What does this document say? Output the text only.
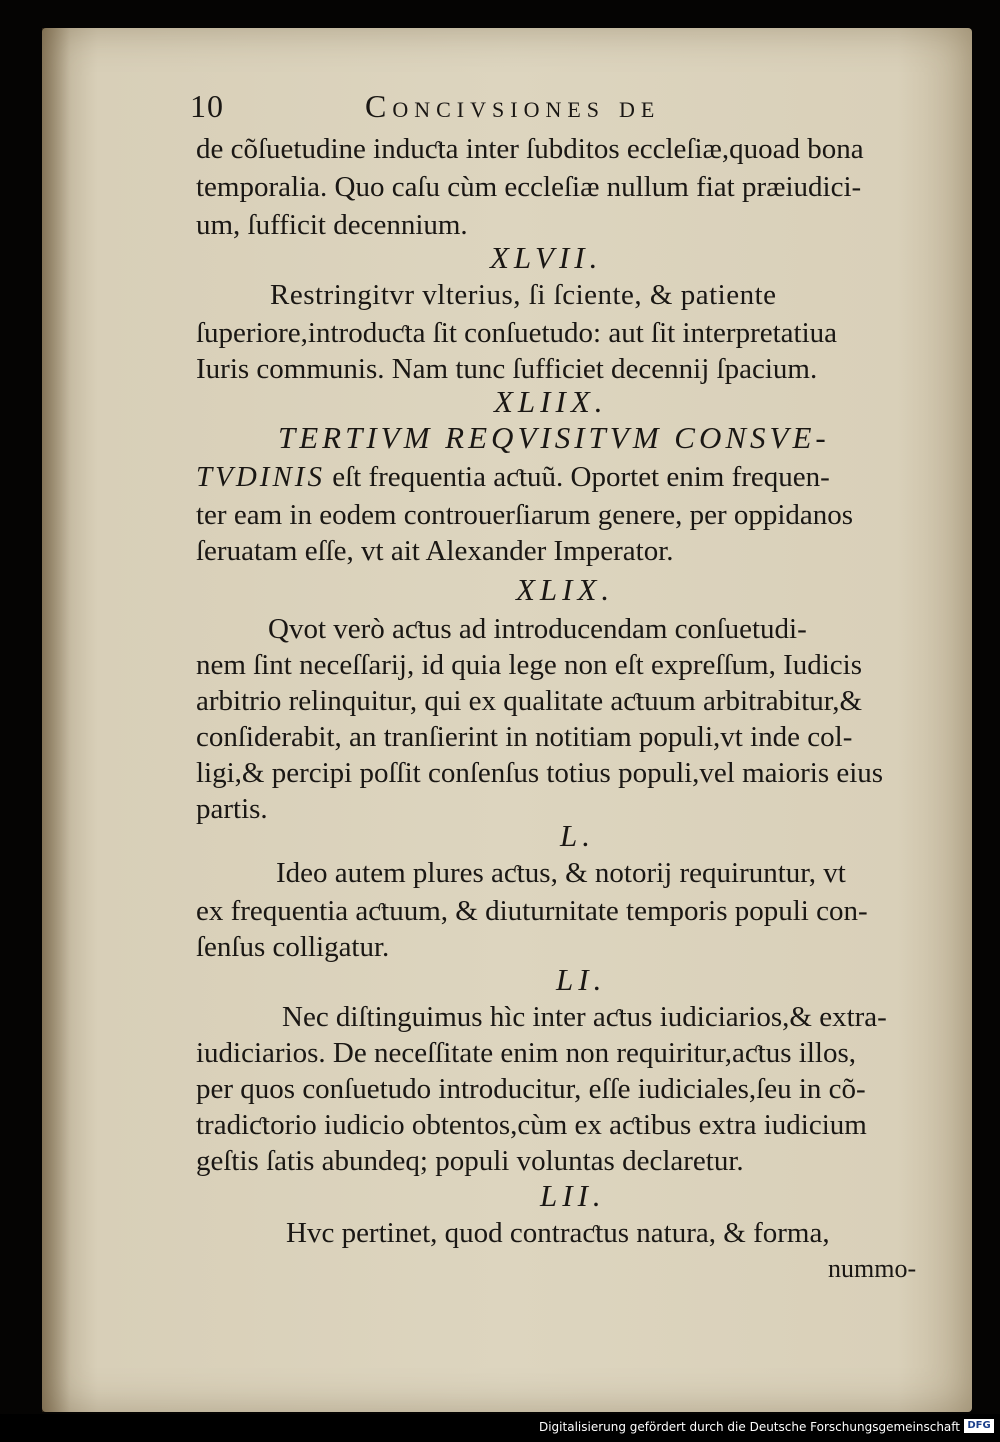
10	Concivsiones de
de cõſuetudine induƈta inter ſubditos eccleſiæ,quoad bona
temporalia. Quo caſu cùm eccleſiæ nullum fiat præiudici-
um, ſufficit decennium.
XLVII.
Restringitvr vlterius, ſi ſciente, & patiente
ſuperiore,introduƈta ſit conſuetudo: aut ſit interpretatiua
Iuris communis. Nam tunc ſufficiet decennij ſpacium.
XLIIX.
TERTIVM REQVISITVM CONSVE-
TVDINIS eſt frequentia aƈtuũ. Oportet enim frequen-
ter eam in eodem controuerſiarum genere, per oppidanos
ſeruatam eſſe, vt ait Alexander Imperator.
XLIX.
Qvot verò aƈtus ad introducendam conſuetudi-
nem ſint neceſſarij, id quia lege non eſt expreſſum, Iudicis
arbitrio relinquitur, qui ex qualitate aƈtuum arbitrabitur,&
conſiderabit, an tranſierint in notitiam populi,vt inde col-
ligi,& percipi poſſit conſenſus totius populi,vel maioris eius
partis.
L.
Ideo autem plures aƈtus, & notorij requiruntur, vt
ex frequentia aƈtuum, & diuturnitate temporis populi con-
ſenſus colligatur.
LI.
Nec diſtinguimus hìc inter aƈtus iudiciarios,& extra-
iudiciarios. De neceſſitate enim non requiritur,aƈtus illos,
per quos conſuetudo introducitur, eſſe iudiciales,ſeu in cõ-
tradiƈtorio iudicio obtentos,cùm ex aƈtibus extra iudicium
geſtis ſatis abundeq; populi voluntas declaretur.
LII.
Hvc pertinet, quod contraƈtus natura, & forma,
nummo-
Digitalisierung gefördert durch die Deutsche Forschungsgemeinschaft DFG
